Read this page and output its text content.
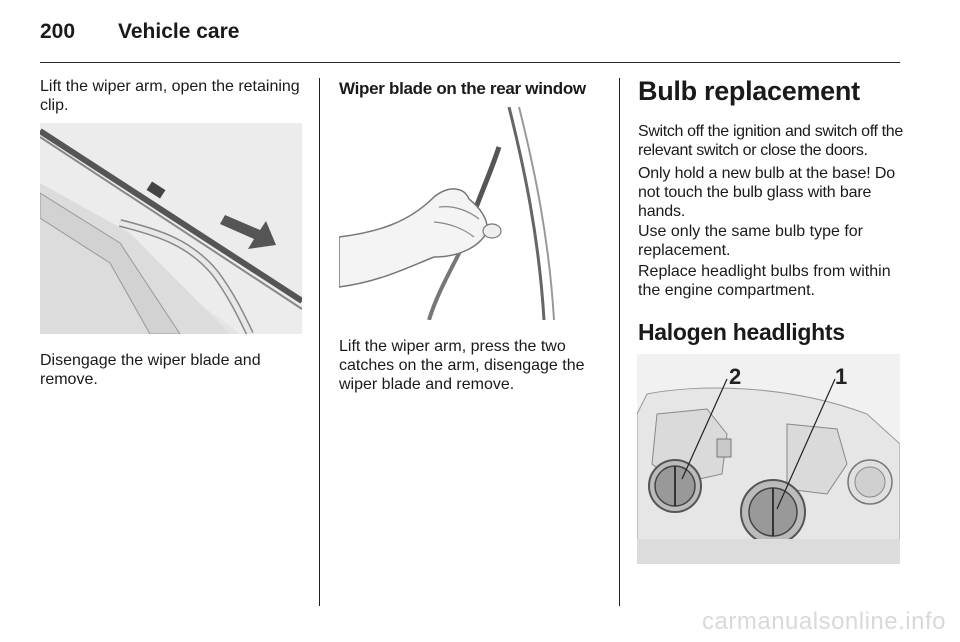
200 Vehicle care

Lift the wiper arm, open the retaining clip.

Disengage the wiper blade and remove.

Wiper blade on the rear window

Lift the wiper arm, press the two catches on the arm, disengage the wiper blade and remove.

Bulb replacement

Switch off the ignition and switch off the relevant switch or close the doors.

Only hold a new bulb at the base! Do not touch the bulb glass with bare hands.

Use only the same bulb type for replacement.

Replace headlight bulbs from within the engine compartment.

Halogen headlights
2	1
carmanualsonline.info
